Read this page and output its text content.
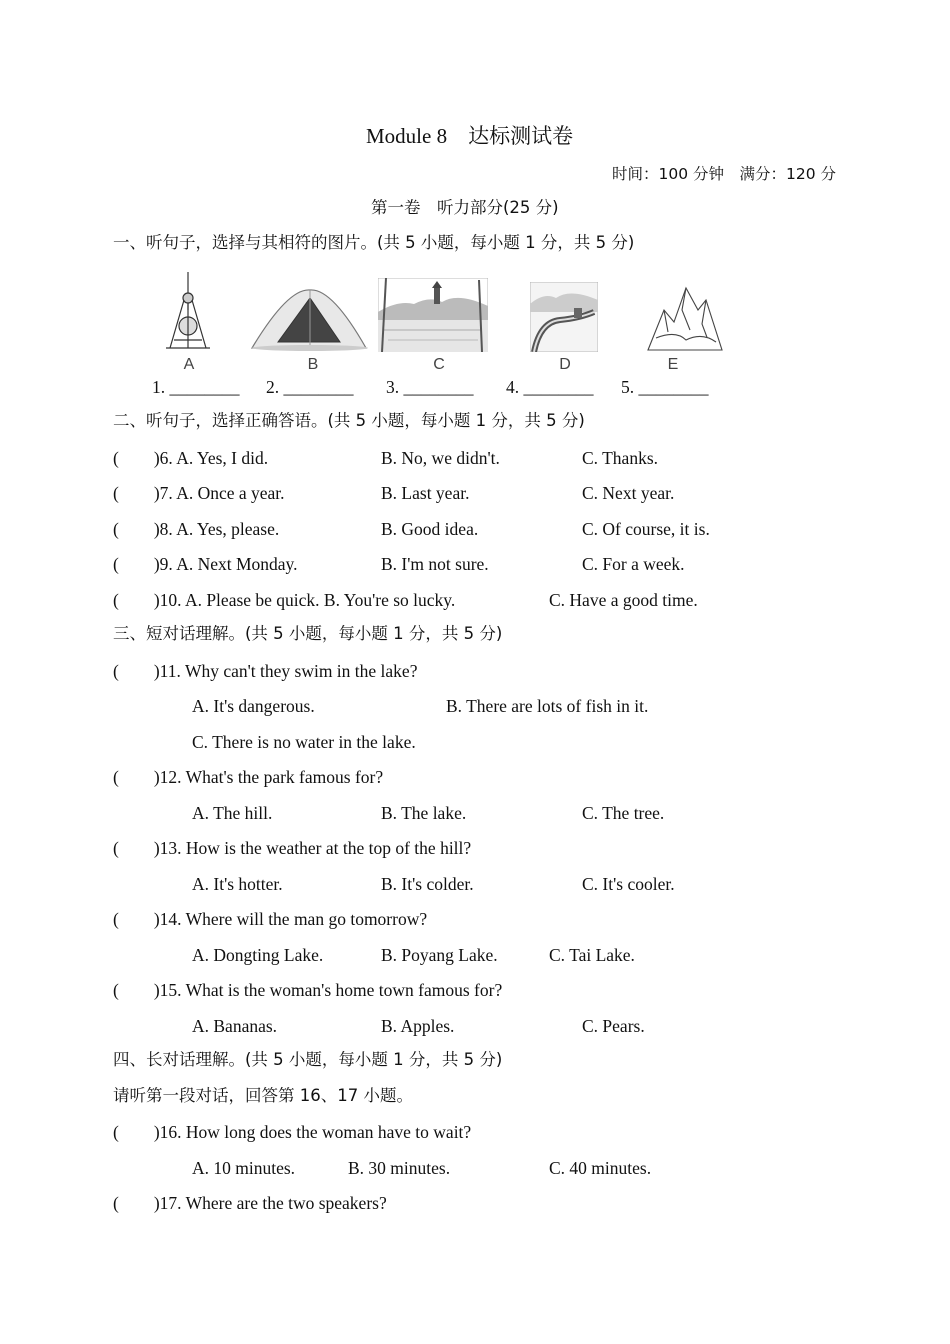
Module 8　达标测试卷
时间：100 分钟　满分：120 分
第一卷　听力部分(25 分)
一、听句子，选择与其相符的图片。(共 5 小题，每小题 1 分，共 5 分)
A	B	C	D	E
1. ________ 2. ________ 3. ________ 4. ________ 5. ________
二、听句子，选择正确答语。(共 5 小题，每小题 1 分，共 5 分)
(　　)6. A. Yes, I did.	B. No, we didn't.	C. Thanks.
(　　)7. A. Once a year.	B. Last year.	C. Next year.
(　　)8. A. Yes, please.	B. Good idea.	C. Of course, it is.
(　　)9. A. Next Monday.	B. I'm not sure.	C. For a week.
(　　)10. A. Please be quick. B. You're so lucky.	C. Have a good time.
三、短对话理解。(共 5 小题，每小题 1 分，共 5 分)
(　　)11. Why can't they swim in the lake?
A. It's dangerous.	B. There are lots of fish in it.
C. There is no water in the lake.
(　　)12. What's the park famous for?
A. The hill.	B. The lake.	C. The tree.
(　　)13. How is the weather at the top of the hill?
A. It's hotter.	B. It's colder.	C. It's cooler.
(　　)14. Where will the man go tomorrow?
A. Dongting Lake.	B. Poyang Lake.	C. Tai Lake.
(　　)15. What is the woman's home town famous for?
A. Bananas.	B. Apples.	C. Pears.
四、长对话理解。(共 5 小题，每小题 1 分，共 5 分)
请听第一段对话，回答第 16、17 小题。
(　　)16. How long does the woman have to wait?
A. 10 minutes.	B. 30 minutes.	C. 40 minutes.
(　　)17. Where are the two speakers?
